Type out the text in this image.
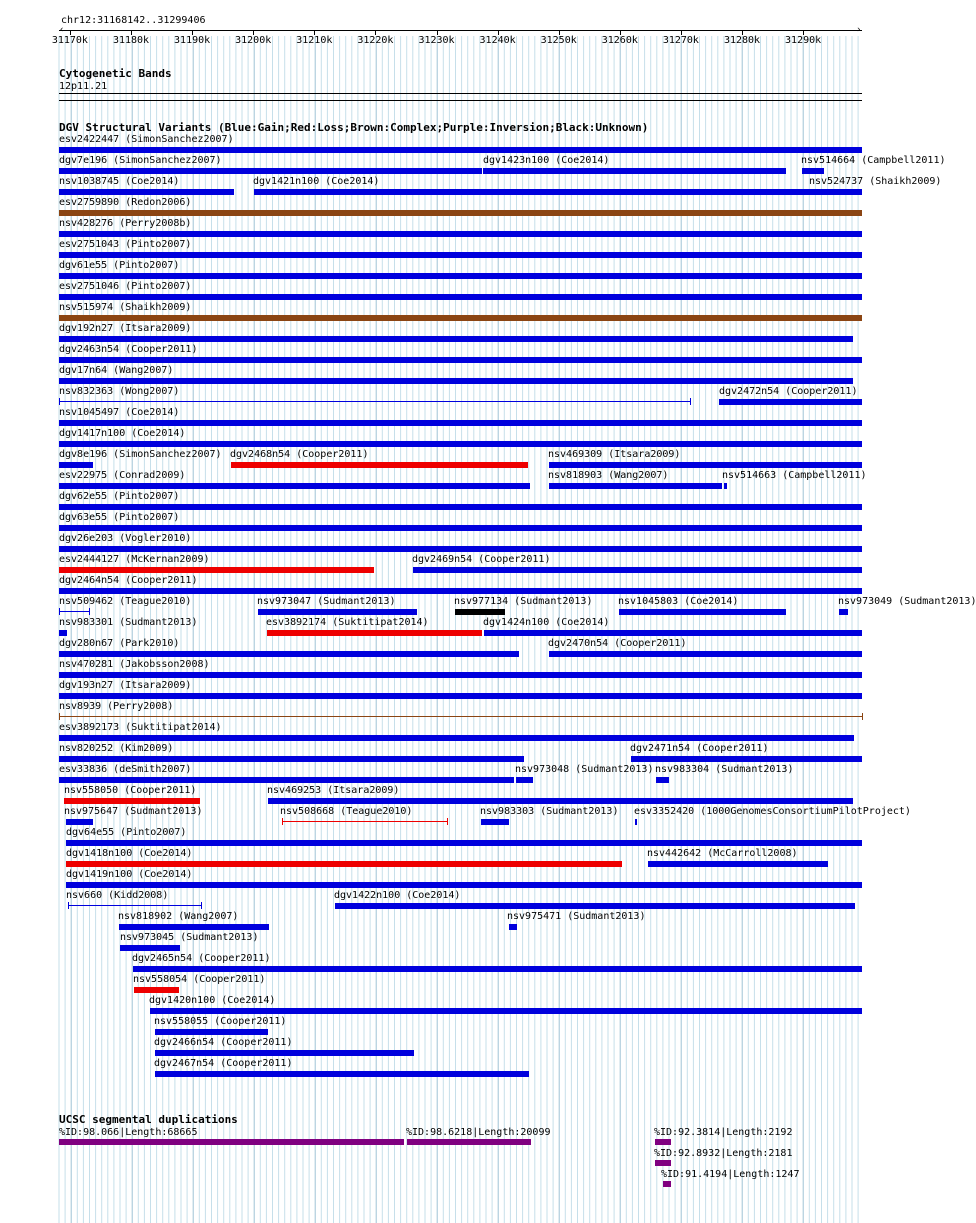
chr12:31168142..31299406
›
31170k 31180k 31190k 31200k 31210k 31220k 31230k 31240k 31250k 31260k 31270k 31280k 31290k
Cytogenetic Bands
12p11.21
DGV Structural Variants (Blue:Gain;Red:Loss;Brown:Complex;Purple:Inversion;Black:Unknown)
esv2422447 (SimonSanchez2007)
dgv7e196 (SimonSanchez2007)	dgv1423n100 (Coe2014)	nsv514664 (Campbell2011)
nsv1038745 (Coe2014)	dgv1421n100 (Coe2014)	nsv524737 (Shaikh2009)
esv2759890 (Redon2006)
nsv428276 (Perry2008b)
esv2751043 (Pinto2007)
dgv61e55 (Pinto2007)
esv2751046 (Pinto2007)
nsv515974 (Shaikh2009)
dgv192n27 (Itsara2009)
dgv2463n54 (Cooper2011)
dgv17n64 (Wang2007)
nsv832363 (Wong2007)	dgv2472n54 (Cooper2011)
nsv1045497 (Coe2014)
dgv1417n100 (Coe2014)
dgv8e196 (SimonSanchez2007) dgv2468n54 (Cooper2011)	nsv469309 (Itsara2009)
esv22975 (Conrad2009)	nsv818903 (Wang2007)	nsv514663 (Campbell2011)
dgv62e55 (Pinto2007)
dgv63e55 (Pinto2007)
dgv26e203 (Vogler2010)
esv2444127 (McKernan2009)	dgv2469n54 (Cooper2011)
dgv2464n54 (Cooper2011)
nsv509462 (Teague2010)	nsv973047 (Sudmant2013)	nsv977134 (Sudmant2013)	nsv1045803 (Coe2014)	nsv973049 (Sudmant2013)
nsv983301 (Sudmant2013)	esv3892174 (Suktitipat2014)	dgv1424n100 (Coe2014)
dgv280n67 (Park2010)	dgv2470n54 (Cooper2011)
nsv470281 (Jakobsson2008)
dgv193n27 (Itsara2009)
nsv8939 (Perry2008)
esv3892173 (Suktitipat2014)
nsv820252 (Kim2009)	dgv2471n54 (Cooper2011)
esv33836 (deSmith2007)	nsv973048 (Sudmant2013) nsv983304 (Sudmant2013)
nsv558050 (Cooper2011)	nsv469253 (Itsara2009)
nsv975647 (Sudmant2013)	nsv508668 (Teague2010)	nsv983303 (Sudmant2013) esv3352420 (1000GenomesConsortiumPilotProject)
dgv64e55 (Pinto2007)
dgv1418n100 (Coe2014)	nsv442642 (McCarroll2008)
dgv1419n100 (Coe2014)
nsv660 (Kidd2008)	dgv1422n100 (Coe2014)
nsv818902 (Wang2007)	nsv975471 (Sudmant2013)
nsv973045 (Sudmant2013)
dgv2465n54 (Cooper2011)
nsv558054 (Cooper2011)
dgv1420n100 (Coe2014)
nsv558055 (Cooper2011)
dgv2466n54 (Cooper2011)
dgv2467n54 (Cooper2011)
UCSC segmental duplications
%ID:98.066|Length:68665	%ID:98.6218|Length:20099	%ID:92.3814|Length:2192
%ID:92.8932|Length:2181
%ID:91.4194|Length:1247
